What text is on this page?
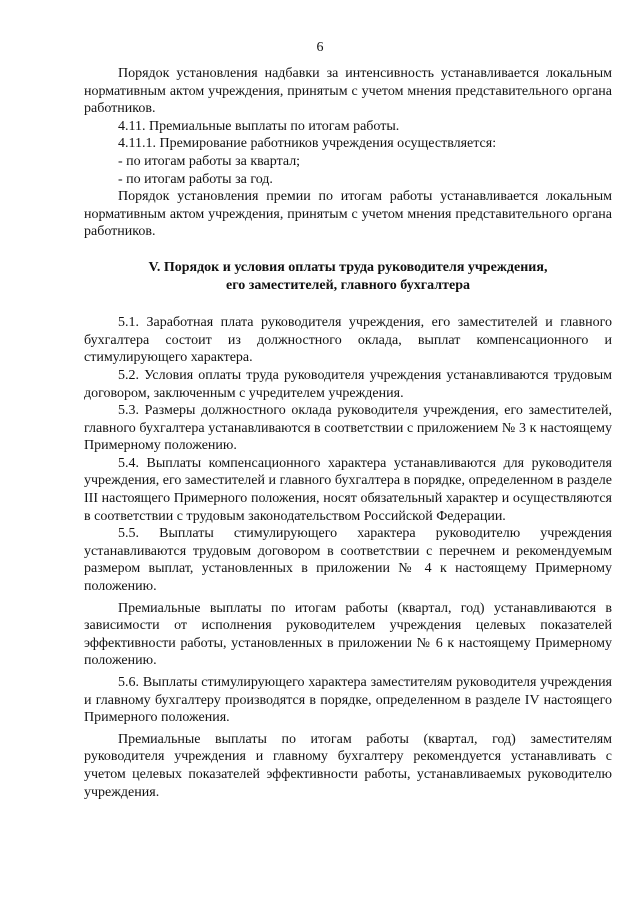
6

Порядок установления надбавки за интенсивность устанавливается локальным нормативным актом учреждения, принятым с учетом мнения представительного органа работников.

4.11. Премиальные выплаты по итогам работы.

4.11.1. Премирование работников учреждения осуществляется:

- по итогам работы за квартал;

- по итогам работы за год.

Порядок установления премии по итогам работы устанавливается локальным нормативным актом учреждения, принятым с учетом мнения представительного органа работников.

V. Порядок и условия оплаты труда руководителя учреждения,
его заместителей, главного бухгалтера

5.1. Заработная плата руководителя учреждения, его заместителей и главного бухгалтера состоит из должностного оклада, выплат компенсационного и стимулирующего характера.

5.2. Условия оплаты труда руководителя учреждения устанавливаются трудовым договором, заключенным с учредителем учреждения.

5.3. Размеры должностного оклада руководителя учреждения, его заместителей, главного бухгалтера устанавливаются в соответствии с приложением № 3 к настоящему Примерному положению.

5.4. Выплаты компенсационного характера устанавливаются для руководителя учреждения, его заместителей и главного бухгалтера в порядке, определенном в разделе III настоящего Примерного положения, носят обязательный характер и осуществляются в соответствии с трудовым законодательством Российской Федерации.

5.5. Выплаты стимулирующего характера руководителю учреждения устанавливаются трудовым договором в соответствии с перечнем и рекомендуемым размером выплат, установленных в приложении № 4 к настоящему Примерному положению.

Премиальные выплаты по итогам работы (квартал, год) устанавливаются в зависимости от исполнения руководителем учреждения целевых показателей эффективности работы, установленных в приложении № 6 к настоящему Примерному положению.

5.6. Выплаты стимулирующего характера заместителям руководителя учреждения и главному бухгалтеру производятся в порядке, определенном в разделе IV настоящего Примерного положения.

Премиальные выплаты по итогам работы (квартал, год) заместителям руководителя учреждения и главному бухгалтеру рекомендуется устанавливать с учетом целевых показателей эффективности работы, устанавливаемых руководителю учреждения.
